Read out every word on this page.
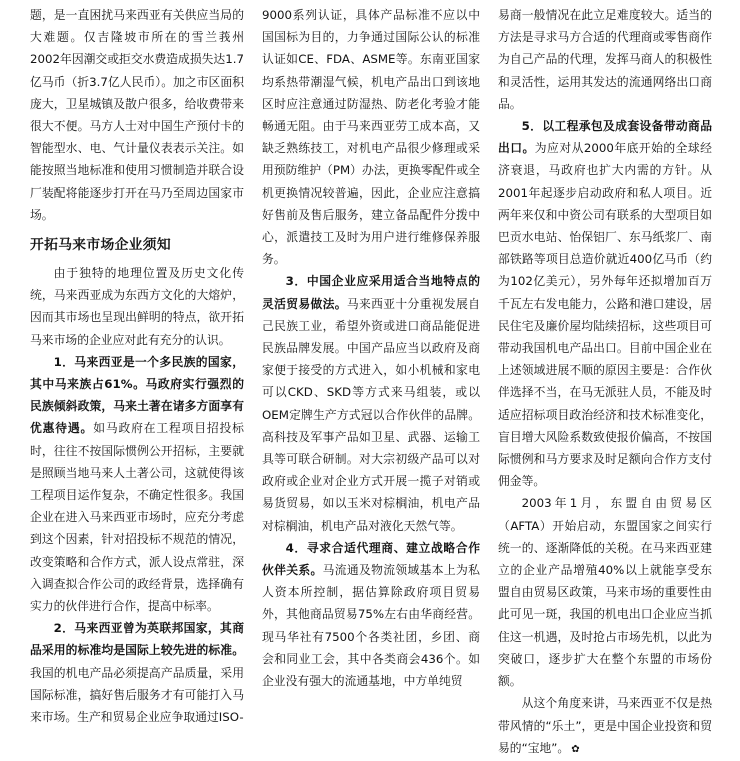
题，是一直困扰马来西亚有关供应当局的大难题。仅吉隆坡市所在的雪兰莪州2002年因潮交或拒交水费造成损失达1.7亿马币（折3.7亿人民币）。加之市区面积庞大，卫星城镇及散户很多，给收费带来很大不便。马方人士对中国生产预付卡的智能型水、电、气计量仪表表示关注。如能按照当地标准和使用习惯制造并联合设厂装配将能逐步打开在马乃至周边国家市场。

开拓马来市场企业须知

由于独特的地理位置及历史文化传统，马来西亚成为东西方文化的大熔炉，因而其市场也呈现出鲜明的特点，欲开拓马来市场的企业应对此有充分的认识。

1．马来西亚是一个多民族的国家，其中马来族占61%。马政府实行强烈的民族倾斜政策，马来土著在诸多方面享有优惠待遇。如马政府在工程项目招投标时，往往不按国际惯例公开招标，主要就是照顾当地马来人土著公司，这就使得该工程项目运作复杂，不确定性很多。我国企业在进入马来西亚市场时，应充分考虑到这个因素，针对招投标不规范的情况，改变策略和合作方式，派人设点常驻，深入调查拟合作公司的政经背景，选择确有实力的伙伴进行合作，提高中标率。

2．马来西亚曾为英联邦国家，其商品采用的标准均是国际上较先进的标准。我国的机电产品必须提高产品质量，采用国际标准，搞好售后服务才有可能打入马来市场。生产和贸易企业应争取通过ISO-

9000系列认证，具体产品标准不应以中国国标为目的，力争通过国际公认的标准认证如CE、FDA、ASME等。东南亚国家均系热带潮湿气候，机电产品出口到该地区时应注意通过防湿热、防老化考验才能畅通无阻。由于马来西亚劳工成本高，又缺乏熟练技工，对机电产品很少修理或采用预防维护（PM）办法，更换零配件或全机更换情况较普遍，因此，企业应注意搞好售前及售后服务，建立备品配件分拨中心，派遣技工及时为用户进行维修保养服务。

3．中国企业应采用适合当地特点的灵活贸易做法。马来西亚十分重视发展自己民族工业，希望外资或进口商品能促进民族品牌发展。中国产品应当以政府及商家便于接受的方式进入，如小机械和家电可以CKD、SKD等方式来马组装，或以OEM定牌生产方式冠以合作伙伴的品牌。高科技及军事产品如卫星、武器、运输工具等可联合研制。对大宗初级产品可以对政府或企业对企业方式开展一揽子对销或易货贸易，如以玉米对棕榈油，机电产品对棕榈油，机电产品对液化天然气等。

4．寻求合适代理商、建立战略合作伙伴关系。马流通及物流领域基本上为私人资本所控制，据估算除政府项目贸易外，其他商品贸易75%左右由华商经营。现马华社有7500个各类社团，乡团、商会和同业工会，其中各类商会436个。如企业没有强大的流通基地，中方单纯贸

易商一般情况在此立足难度较大。适当的方法是寻求马方合适的代理商或零售商作为自己产品的代理，发挥马商人的积极性和灵活性，运用其发达的流通网络出口商品。

5．以工程承包及成套设备带动商品出口。为应对从2000年底开始的全球经济衰退，马政府也扩大内需的方针。从2001年起逐步启动政府和私人项目。近两年来仅和中资公司有联系的大型项目如巴贡水电站、怡保铝厂、东马纸浆厂、南部铁路等项目总造价就近400亿马币（约为102亿美元），另外每年还拟增加百万千瓦左右发电能力，公路和港口建设，居民住宅及廉价屋均陆续招标，这些项目可带动我国机电产品出口。目前中国企业在上述领域进展不顺的原因主要是：合作伙伴选择不当，在马无派驻人员，不能及时适应招标项目政治经济和技术标准变化，盲目增大风险系数致使报价偏高，不按国际惯例和马方要求及时足额向合作方支付佣金等。

2003年1月，东盟自由贸易区（AFTA）开始启动，东盟国家之间实行统一的、逐渐降低的关税。在马来西亚建立的企业产品增殖40%以上就能享受东盟自由贸易区政策，马来市场的重要性由此可见一斑，我国的机电出口企业应当抓住这一机遇，及时抢占市场先机，以此为突破口，逐步扩大在整个东盟的市场份额。

从这个角度来讲，马来西亚不仅是热带风情的“乐土”，更是中国企业投资和贸易的“宝地”。 ✿
